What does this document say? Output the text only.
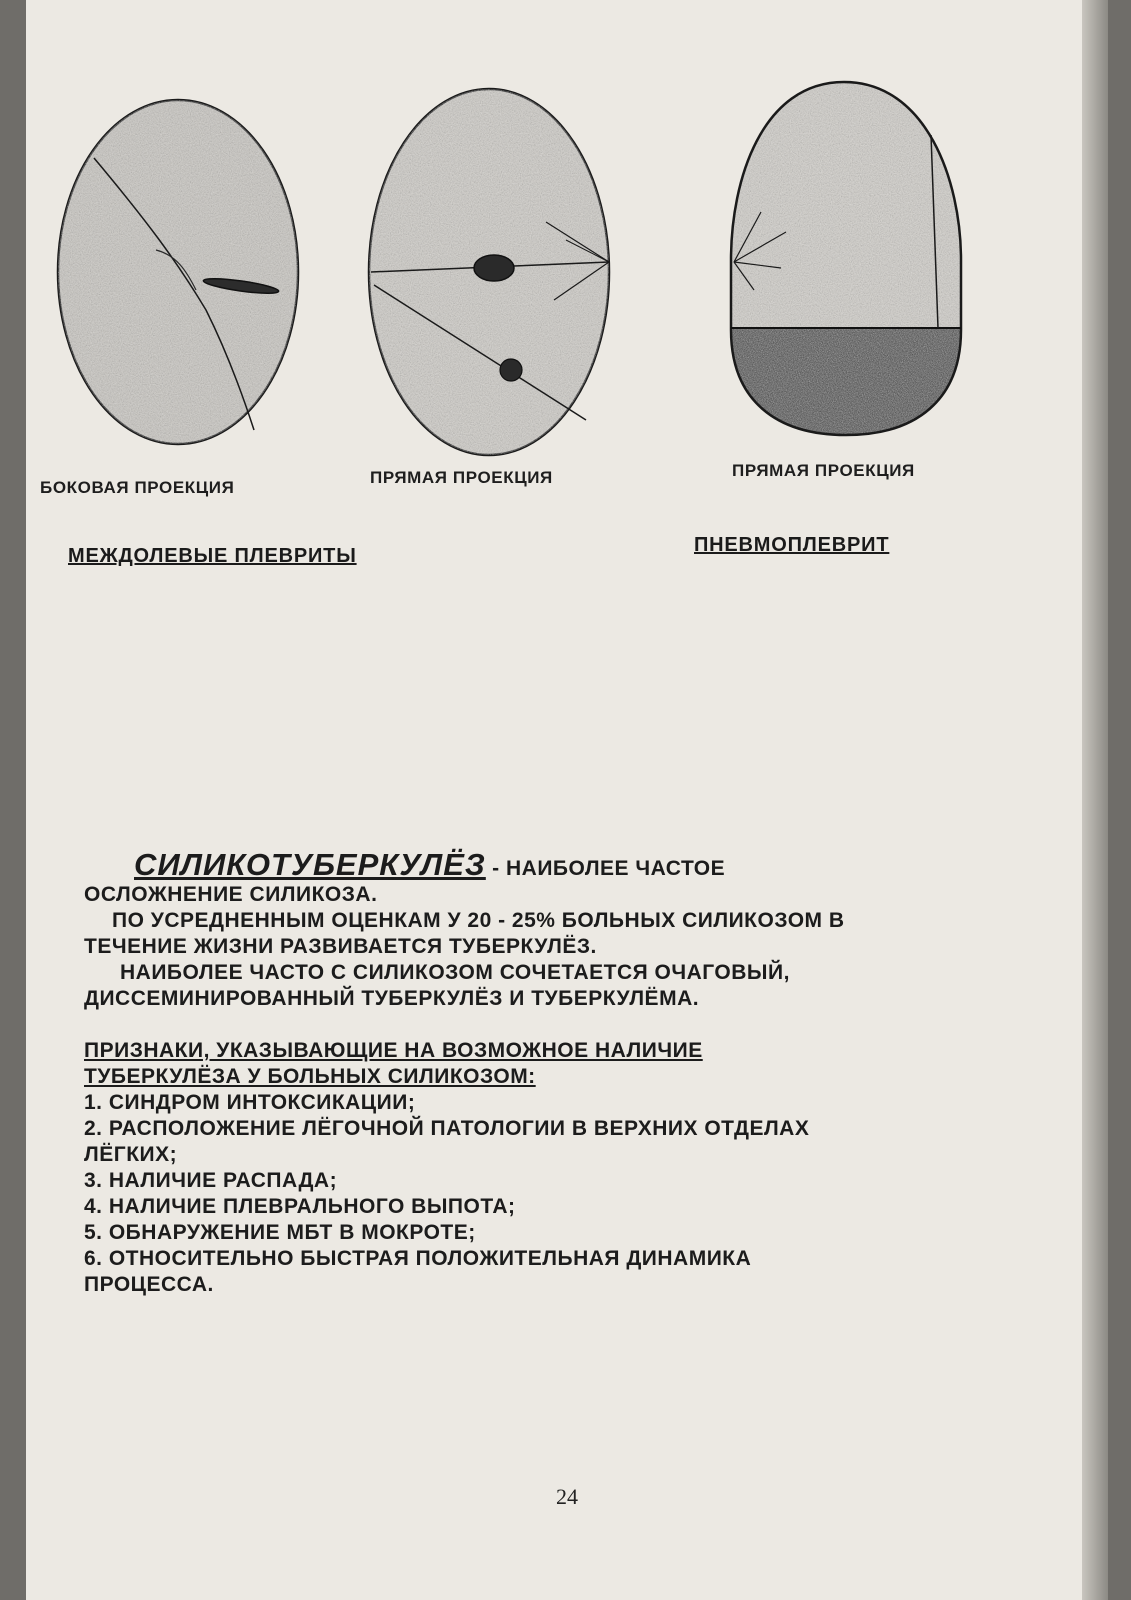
БОКОВАЯ ПРОЕКЦИЯ
ПРЯМАЯ ПРОЕКЦИЯ	ПРЯМАЯ ПРОЕКЦИЯ
МЕЖДОЛЕВЫЕ ПЛЕВРИТЫ	ПНЕВМОПЛЕВРИТ

СИЛИКОТУБЕРКУЛЁЗ - НАИБОЛЕЕ ЧАСТОЕ

ОСЛОЖНЕНИЕ СИЛИКОЗА.

ПО УСРЕДНЕННЫМ ОЦЕНКАМ У 20 - 25% БОЛЬНЫХ СИЛИКОЗОМ В

ТЕЧЕНИЕ ЖИЗНИ РАЗВИВАЕТСЯ ТУБЕРКУЛЁЗ.

НАИБОЛЕЕ ЧАСТО С СИЛИКОЗОМ СОЧЕТАЕТСЯ ОЧАГОВЫЙ,

ДИССЕМИНИРОВАННЫЙ ТУБЕРКУЛЁЗ И ТУБЕРКУЛЁМА.

ПРИЗНАКИ, УКАЗЫВАЮЩИЕ НА ВОЗМОЖНОЕ НАЛИЧИЕ

ТУБЕРКУЛЁЗА У БОЛЬНЫХ СИЛИКОЗОМ:

1. СИНДРОМ ИНТОКСИКАЦИИ;

2. РАСПОЛОЖЕНИЕ ЛЁГОЧНОЙ ПАТОЛОГИИ В ВЕРХНИХ ОТДЕЛАХ

ЛЁГКИХ;

3. НАЛИЧИЕ РАСПАДА;

4. НАЛИЧИЕ ПЛЕВРАЛЬНОГО ВЫПОТА;

5. ОБНАРУЖЕНИЕ МБТ В МОКРОТЕ;

6. ОТНОСИТЕЛЬНО БЫСТРАЯ ПОЛОЖИТЕЛЬНАЯ ДИНАМИКА

ПРОЦЕССА.

24
